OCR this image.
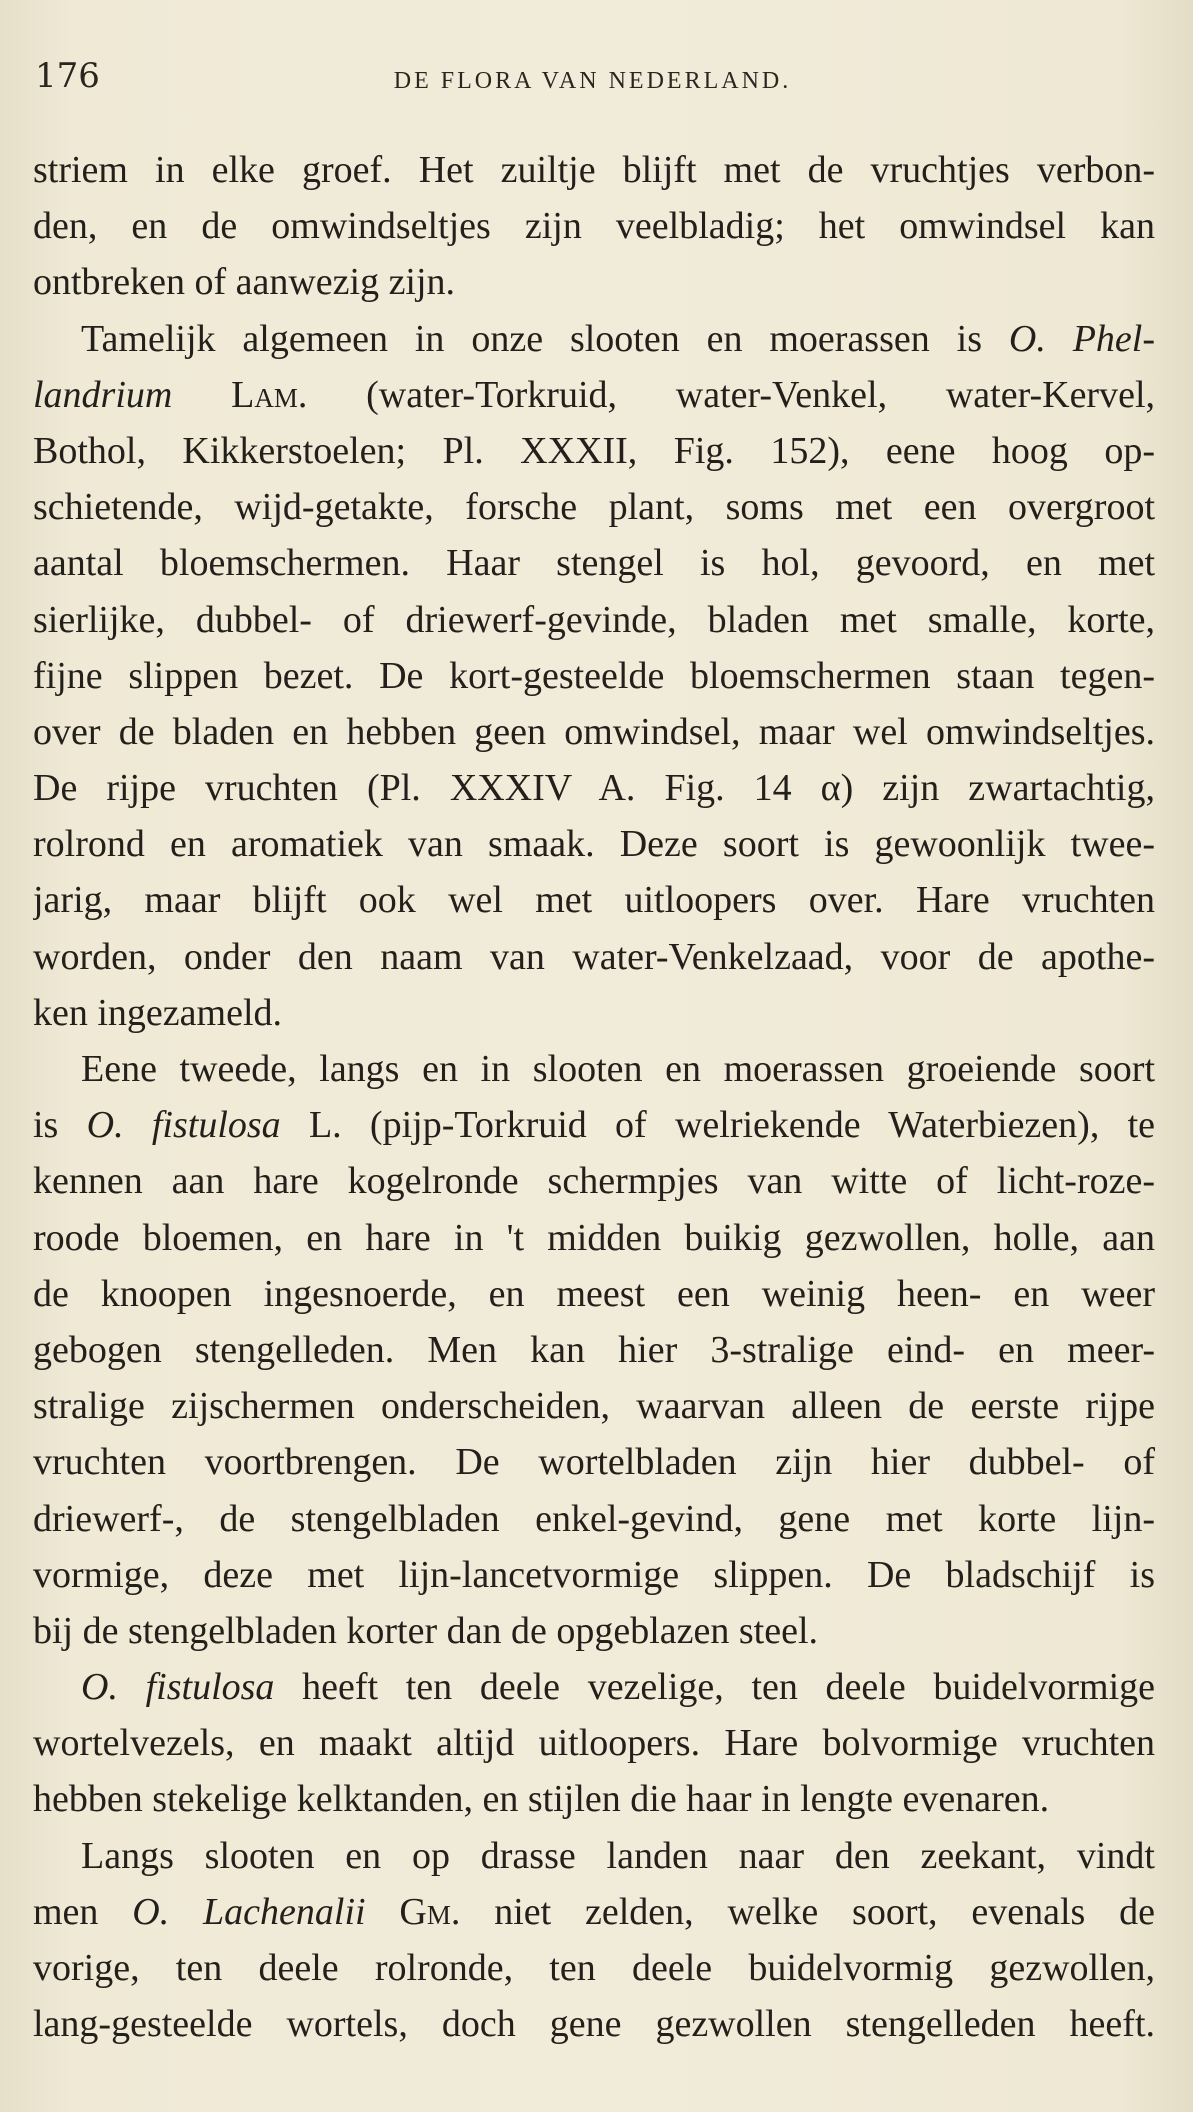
176	DE FLORA VAN NEDERLAND.
striem in elke groef. Het zuiltje blijft met de vruchtjes verbon-
den, en de omwindseltjes zijn veelbladig; het omwindsel kan
ontbreken of aanwezig zijn.
Tamelijk algemeen in onze slooten en moerassen is O. Phel-
landrium Lam. (water-Torkruid, water-Venkel, water-Kervel,
Bothol, Kikkerstoelen; Pl. XXXII, Fig. 152), eene hoog op-
schietende, wijd-getakte, forsche plant, soms met een overgroot
aantal bloemschermen. Haar stengel is hol, gevoord, en met
sierlijke, dubbel- of driewerf-gevinde, bladen met smalle, korte,
fijne slippen bezet. De kort-gesteelde bloemschermen staan tegen-
over de bladen en hebben geen omwindsel, maar wel omwindseltjes.
De rijpe vruchten (Pl. XXXIV A. Fig. 14 α) zijn zwartachtig,
rolrond en aromatiek van smaak. Deze soort is gewoonlijk twee-
jarig, maar blijft ook wel met uitloopers over. Hare vruchten
worden, onder den naam van water-Venkelzaad, voor de apothe-
ken ingezameld.
Eene tweede, langs en in slooten en moerassen groeiende soort
is O. fistulosa L. (pijp-Torkruid of welriekende Waterbiezen), te
kennen aan hare kogelronde schermpjes van witte of licht-roze-
roode bloemen, en hare in 't midden buikig gezwollen, holle, aan
de knoopen ingesnoerde, en meest een weinig heen- en weer
gebogen stengelleden. Men kan hier 3-stralige eind- en meer-
stralige zijschermen onderscheiden, waarvan alleen de eerste rijpe
vruchten voortbrengen. De wortelbladen zijn hier dubbel- of
driewerf-, de stengelbladen enkel-gevind, gene met korte lijn-
vormige, deze met lijn-lancetvormige slippen. De bladschijf is
bij de stengelbladen korter dan de opgeblazen steel.
O. fistulosa heeft ten deele vezelige, ten deele buidelvormige
wortelvezels, en maakt altijd uitloopers. Hare bolvormige vruchten
hebben stekelige kelktanden, en stijlen die haar in lengte evenaren.
Langs slooten en op drasse landen naar den zeekant, vindt
men O. Lachenalii Gm. niet zelden, welke soort, evenals de
vorige, ten deele rolronde, ten deele buidelvormig gezwollen,
lang-gesteelde wortels, doch gene gezwollen stengelleden heeft.
